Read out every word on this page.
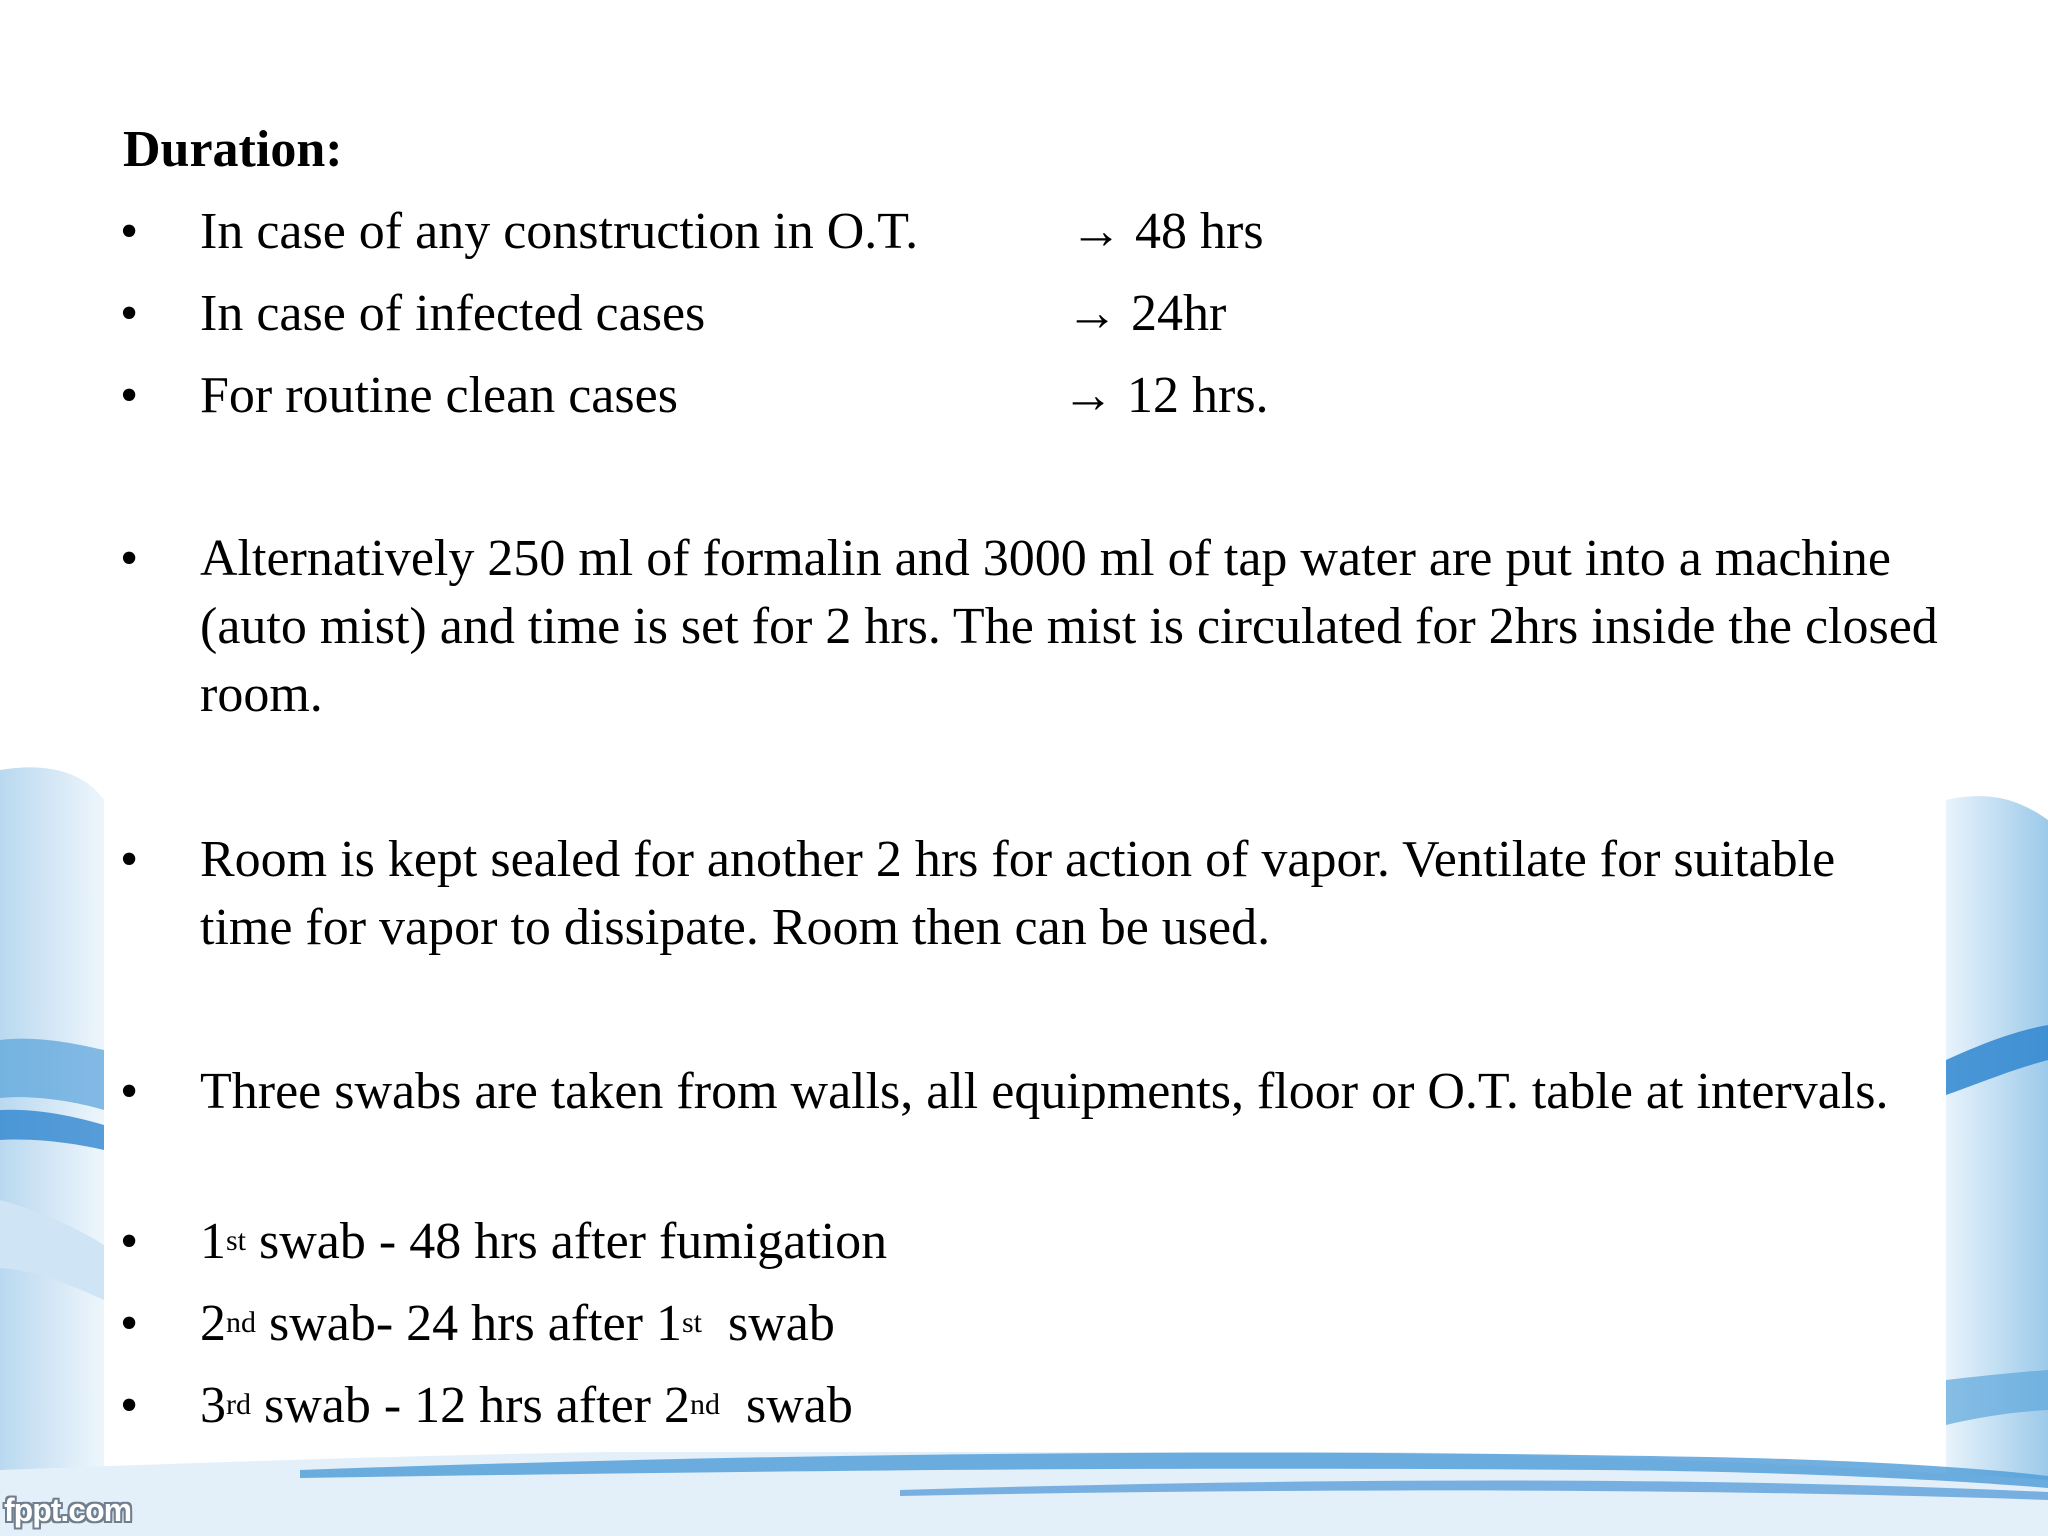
Duration:
• In case of any construction in O.T.	→ 48 hrs
• In case of infected cases	→ 24hr
• For routine clean cases	→ 12 hrs.
• Alternatively 250 ml of formalin and 3000 ml of tap water are put into a machine (auto mist) and time is set for 2 hrs. The mist is circulated for 2hrs inside the closed room.
• Room is kept sealed for another 2 hrs for action of vapor. Ventilate for suitable time for vapor to dissipate. Room then can be used.
• Three swabs are taken from walls, all equipments, floor or O.T. table at intervals.
• 1st swab - 48 hrs after fumigation
• 2nd swab- 24 hrs after 1st  swab
• 3rd swab - 12 hrs after 2nd  swab
fppt.com
